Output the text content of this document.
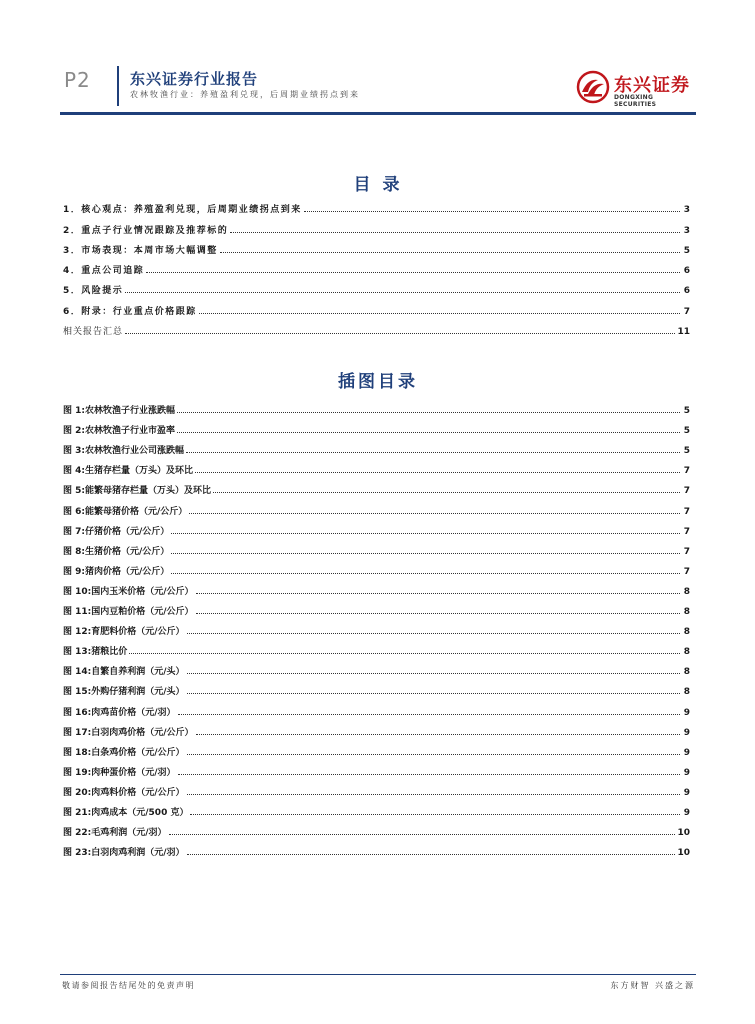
P2	东兴证券行业报告
农林牧渔行业：养殖盈利兑现，后周期业绩拐点到来	东兴证券
DONGXING SECURITIES
目 录
1．核心观点：养殖盈利兑现，后周期业绩拐点到来	3
2．重点子行业情况跟踪及推荐标的	3
3．市场表现：本周市场大幅调整	5
4．重点公司追踪	6
5．风险提示	6
6．附录：行业重点价格跟踪	7
相关报告汇总	11
插图目录
图 1:农林牧渔子行业涨跌幅	5
图 2:农林牧渔子行业市盈率	5
图 3:农林牧渔行业公司涨跌幅	5
图 4:生猪存栏量（万头）及环比	7
图 5:能繁母猪存栏量（万头）及环比	7
图 6:能繁母猪价格（元/公斤）	7
图 7:仔猪价格（元/公斤）	7
图 8:生猪价格（元/公斤）	7
图 9:猪肉价格（元/公斤）	7
图 10:国内玉米价格（元/公斤）	8
图 11:国内豆粕价格（元/公斤）	8
图 12:育肥料价格（元/公斤）	8
图 13:猪粮比价	8
图 14:自繁自养利润（元/头）	8
图 15:外购仔猪利润（元/头）	8
图 16:肉鸡苗价格（元/羽）	9
图 17:白羽肉鸡价格（元/公斤）	9
图 18:白条鸡价格（元/公斤）	9
图 19:肉种蛋价格（元/羽）	9
图 20:肉鸡料价格（元/公斤）	9
图 21:肉鸡成本（元/500 克）	9
图 22:毛鸡利润（元/羽）	10
图 23:白羽肉鸡利润（元/羽）	10
敬请参阅报告结尾处的免责声明	东方财智 兴盛之源
